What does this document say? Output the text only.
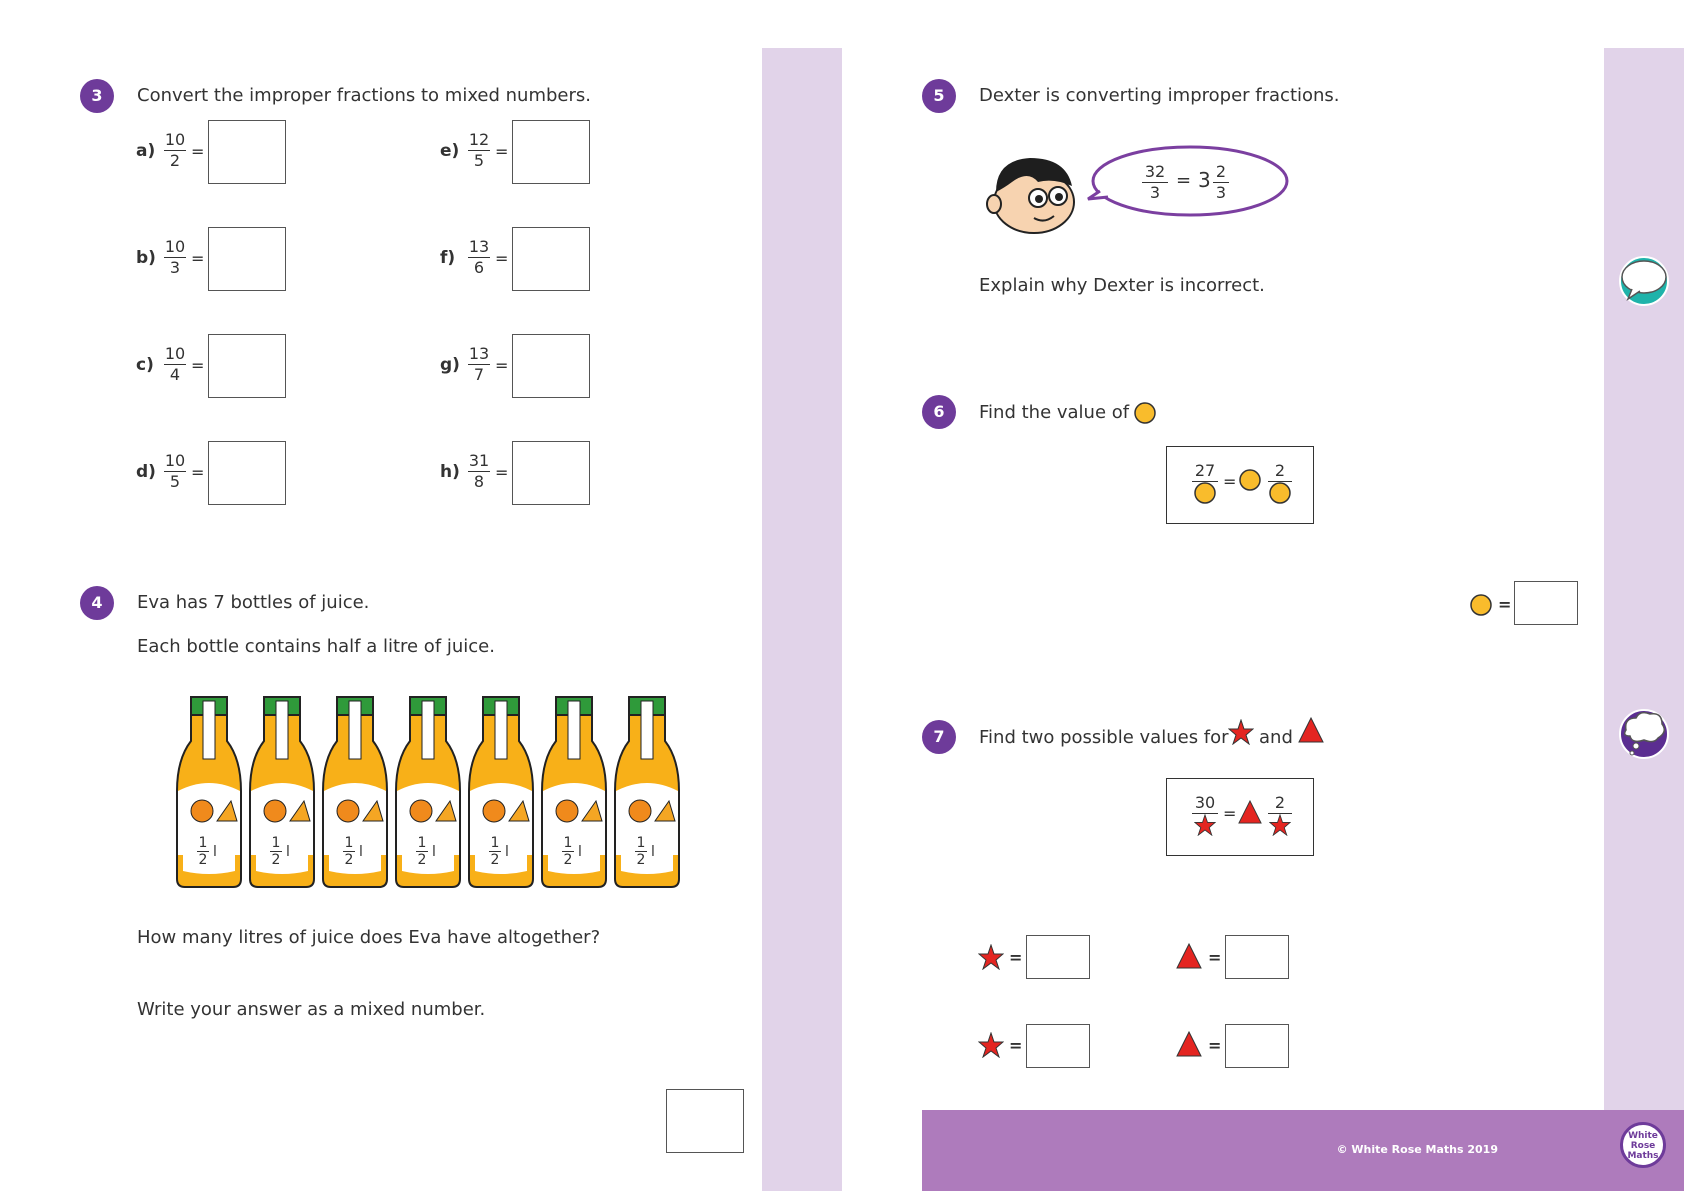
3	Convert the improper fractions to mixed numbers.
a)
10
2 =
b)
10
3 =
c)
10
4 =
d)
10
5 =
e)
12
5 =
f)
13
6 =
g)
13
7 =
h)
31
8 =
4	Eva has 7 bottles of juice.
Each bottle contains half a litre of juice.
1
2 l
1
2 l
1
2 l
1
2 l
1
2 l
1
2 l
1
2 l
How many litres of juice does Eva have altogether?
Write your answer as a mixed number.
5	Dexter is converting improper fractions.
32
3
= 3 2
3
Explain why Dexter is incorrect.
6	Find the value of
27
=
2
=
7	Find two possible values for and
30
=
2
=	=
=	=
© White Rose Maths 2019
White
Rose
Maths
